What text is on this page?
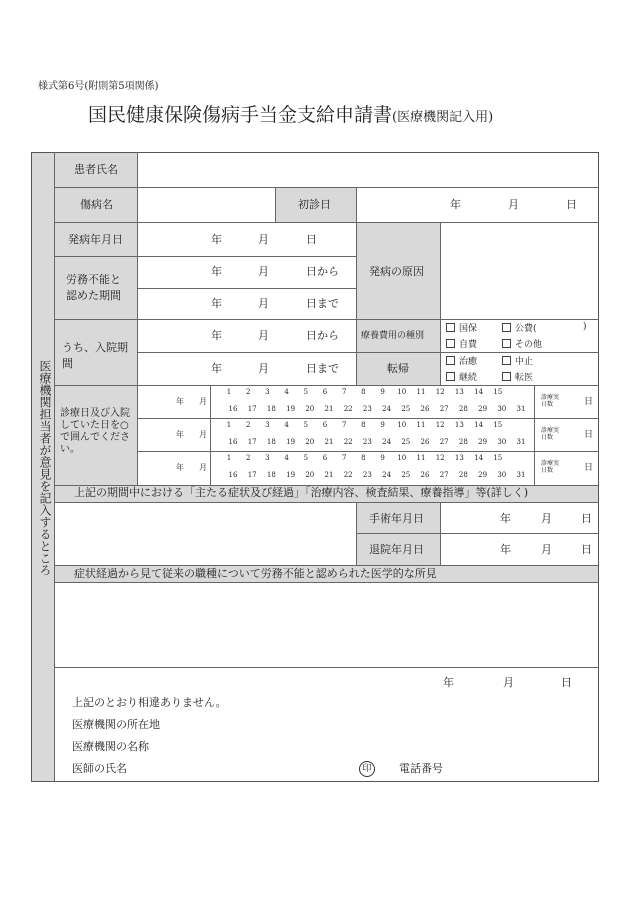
様式第6号(附則第5項関係)
国民健康保険傷病手当金支給申請書(医療機関記入用)
医療機関担当者が意見を記入するところ
患者氏名
傷病名	初診日	年	月	日
発病年月日	年	月	日
労務不能と認めた期間
年	月	日から
年	月	日まで
発病の原因
うち、入院期間
年	月	日から
年	月	日まで
療養費用の種別
国保	公費(	)
自費	その他
転帰	治癒	中止
継続	転医
診療日及び入院していた日を○で囲んでください。
年 月
1	2	3	4	5	6	7	8	9	10	11	12	13	14	15
16	17	18	19	20	21	22	23	24	25	26	27	28	29	30	31
診療実日数	日
年 月
1	2	3	4	5	6	7	8	9	10	11	12	13	14	15
16	17	18	19	20	21	22	23	24	25	26	27	28	29	30	31
診療実日数	日
年 月
1	2	3	4	5	6	7	8	9	10	11	12	13	14	15
16	17	18	19	20	21	22	23	24	25	26	27	28	29	30	31
診療実日数	日
上記の期間中における「主たる症状及び経過」「治療内容、検査結果、療養指導」等(詳しく)
手術年月日	年	月	日
退院年月日	年	月	日
症状経過から見て従来の職種について労務不能と認められた医学的な所見
年	月	日
上記のとおり相違ありません。
医療機関の所在地
医療機関の名称
医師の氏名	印	電話番号
